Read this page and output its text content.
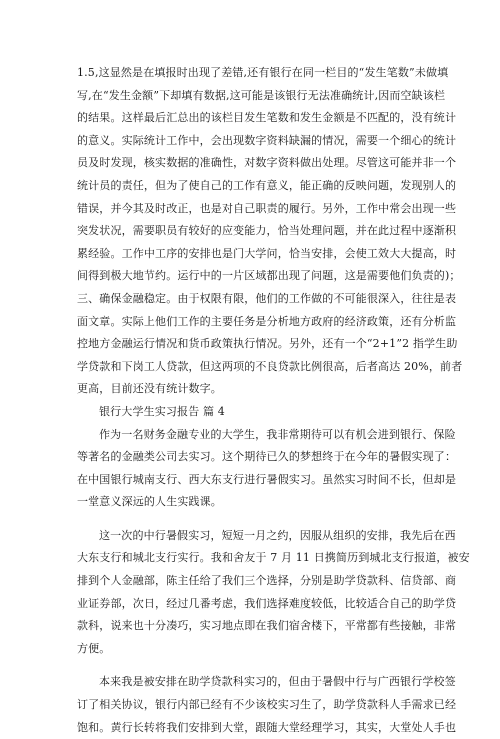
1.5,这显然是在填报时出现了差错,还有银行在同一栏目的“发生笔数”未做填
写,在“发生金额”下却填有数据,这可能是该银行无法准确统计,因而空缺该栏
的结果。这样最后汇总出的该栏目发生笔数和发生金额是不匹配的，没有统计
的意义。实际统计工作中，会出现数字资料缺漏的情况，需要一个细心的统计
员及时发现，核实数据的准确性，对数字资料做出处理。尽管这可能并非一个
统计员的责任，但为了使自己的工作有意义，能正确的反映问题，发现别人的
错误，并今其及时改正，也是对自己职责的履行。另外，工作中常会出现一些
突发状况，需要职员有较好的应变能力，恰当处理问题，并在此过程中逐渐积
累经验。工作中工序的安排也是门大学问，恰当安排，会使工效大大提高，时
间得到极大地节约。运行中的一片区域都出现了问题，这是需要他们负责的)；
三、确保金融稳定。由于权限有限，他们的工作做的不可能很深入，往往是表
面文章。实际上他们工作的主要任务是分析地方政府的经济政策，还有分析监
控地方金融运行情况和货币政策执行情况。另外，还有一个“2+1”2 指学生助
学贷款和下岗工人贷款，但这两项的不良贷款比例很高，后者高达 20%，前者
更高，目前还没有统计数字。
银行大学生实习报告 篇 4
作为一名财务金融专业的大学生，我非常期待可以有机会进到银行、保险
等著名的金融类公司去实习。这个期待已久的梦想终于在今年的暑假实现了：
在中国银行城南支行、西大东支行进行暑假实习。虽然实习时间不长，但却是
一堂意义深远的人生实践课。
这一次的中行暑假实习，短短一月之约，因服从组织的安排，我先后在西
大东支行和城北支行实行。我和舍友于 7 月 11 日携简历到城北支行报道，被安
排到个人金融部，陈主任给了我们三个选择，分别是助学贷款科、信贷部、商
业证券部，次日，经过几番考虑，我们选择难度较低，比较适合自己的助学贷
款科，说来也十分凑巧，实习地点即在我们宿舍楼下，平常都有些接触，非常
方便。
本来我是被安排在助学贷款科实习的，但由于暑假中行与广西银行学校签
订了相关协议，银行内部已经有不少该校实习生了，助学贷款科人手需求已经
饱和。黄行长转将我们安排到大堂，跟随大堂经理学习，其实，大堂处人手也
